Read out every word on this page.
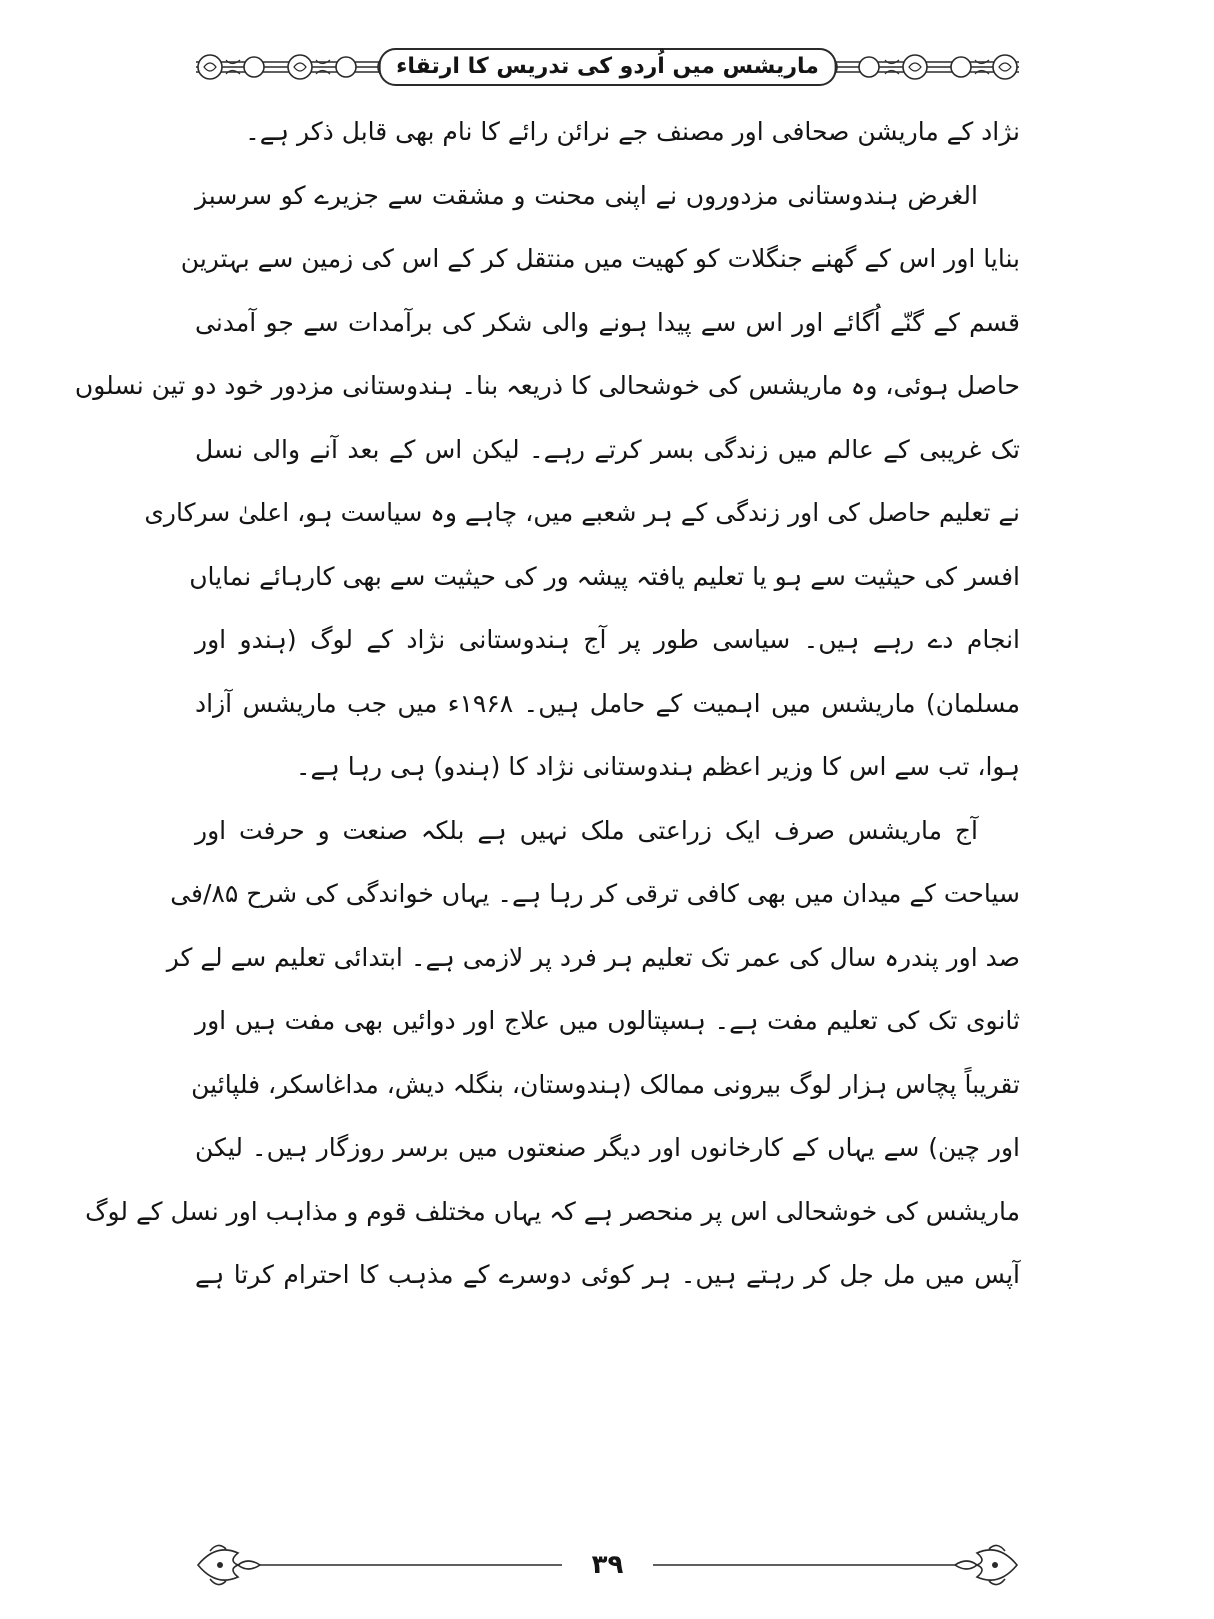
ماریشس میں اُردو کی تدریس کا ارتقاء
نژاد کے ماریشن صحافی اور مصنف جے نرائن رائے کا نام بھی قابل ذکر ہے۔
الغرض ہندوستانی مزدوروں نے اپنی محنت و مشقت سے جزیرے کو سرسبز
بنایا اور اس کے گھنے جنگلات کو کھیت میں منتقل کر کے اس کی زمین سے بہترین
قسم کے گنّے اُگائے اور اس سے پیدا ہونے والی شکر کی برآمدات سے جو آمدنی
حاصل ہوئی، وہ ماریشس کی خوشحالی کا ذریعہ بنا۔ ہندوستانی مزدور خود دو تین نسلوں
تک غریبی کے عالم میں زندگی بسر کرتے رہے۔ لیکن اس کے بعد آنے والی نسل
نے تعلیم حاصل کی اور زندگی کے ہر شعبے میں، چاہے وہ سیاست ہو، اعلیٰ سرکاری
افسر کی حیثیت سے ہو یا تعلیم یافتہ پیشہ ور کی حیثیت سے بھی کارہائے نمایاں
انجام دے رہے ہیں۔ سیاسی طور پر آج ہندوستانی نژاد کے لوگ (ہندو اور
مسلمان) ماریشس میں اہمیت کے حامل ہیں۔ ۱۹۶۸ء میں جب ماریشس آزاد
ہوا، تب سے اس کا وزیر اعظم ہندوستانی نژاد کا (ہندو) ہی رہا ہے۔
آج ماریشس صرف ایک زراعتی ملک نہیں ہے بلکہ صنعت و حرفت اور
سیاحت کے میدان میں بھی کافی ترقی کر رہا ہے۔ یہاں خواندگی کی شرح ۸۵/فی
صد اور پندرہ سال کی عمر تک تعلیم ہر فرد پر لازمی ہے۔ ابتدائی تعلیم سے لے کر
ثانوی تک کی تعلیم مفت ہے۔ ہسپتالوں میں علاج اور دوائیں بھی مفت ہیں اور
تقریباً پچاس ہزار لوگ بیرونی ممالک (ہندوستان، بنگلہ دیش، مداغاسکر، فلپائین
اور چین) سے یہاں کے کارخانوں اور دیگر صنعتوں میں برسر روزگار ہیں۔ لیکن
ماریشس کی خوشحالی اس پر منحصر ہے کہ یہاں مختلف قوم و مذاہب اور نسل کے لوگ
آپس میں مل جل کر رہتے ہیں۔ ہر کوئی دوسرے کے مذہب کا احترام کرتا ہے
۳۹
